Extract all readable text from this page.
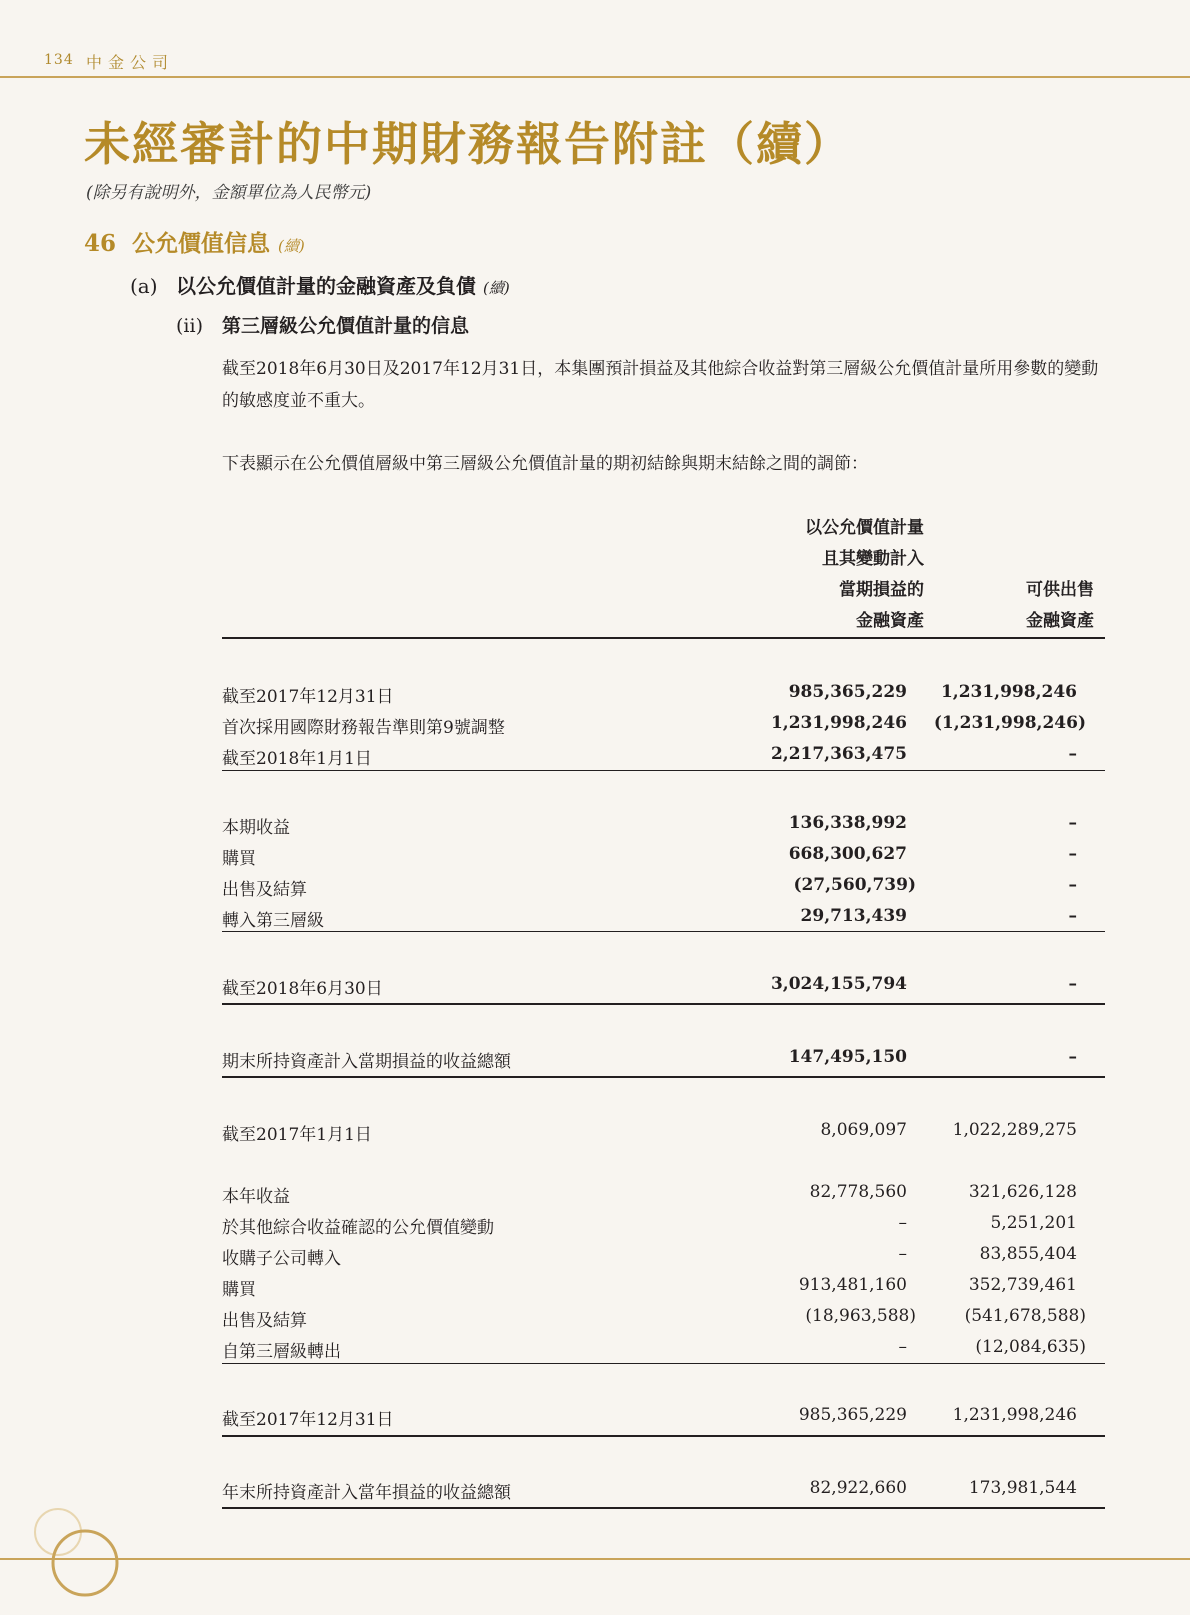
134 中金公司
未經審計的中期財務報告附註（續）
(除另有說明外，金額單位為人民幣元)
46 公允價值信息 (續)
(a) 以公允價值計量的金融資產及負債 (續)
(ii) 第三層級公允價值計量的信息
截至2018年6月30日及2017年12月31日，本集團預計損益及其他綜合收益對第三層級公允價值計量所用參數的變動的敏感度並不重大。
下表顯示在公允價值層級中第三層級公允價值計量的期初結餘與期末結餘之間的調節：
以公允價值計量
且其變動計入
當期損益的
金融資產
可供出售
金融資產
截至2017年12月31日	985,365,229 1,231,998,246
首次採用國際財務報告準則第9號調整	1,231,998,246 (1,231,998,246)
截至2018年1月1日	2,217,363,475	–
本期收益	136,338,992	–
購買	668,300,627	–
出售及結算	(27,560,739)	–
轉入第三層級	29,713,439	–
截至2018年6月30日	3,024,155,794	–
期末所持資產計入當期損益的收益總額	147,495,150	–
截至2017年1月1日	8,069,097	1,022,289,275
本年收益	82,778,560	321,626,128
於其他綜合收益確認的公允價值變動	–	5,251,201
收購子公司轉入	–	83,855,404
購買	913,481,160	352,739,461
出售及結算	(18,963,588)	(541,678,588)
自第三層級轉出	–	(12,084,635)
截至2017年12月31日	985,365,229	1,231,998,246
年末所持資產計入當年損益的收益總額	82,922,660	173,981,544
